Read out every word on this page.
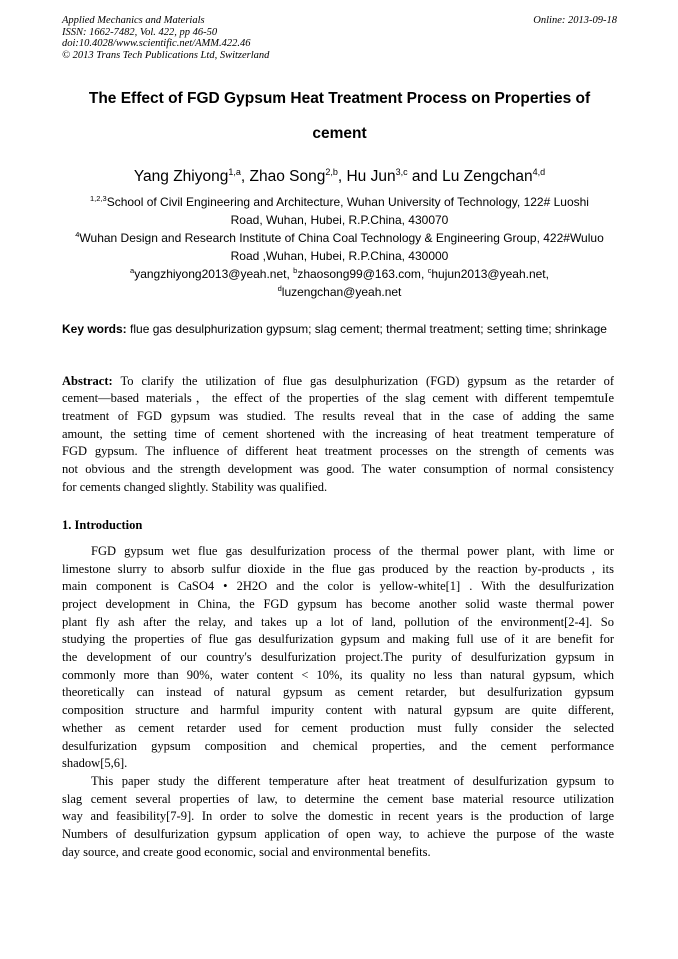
Applied Mechanics and Materials
ISSN: 1662-7482, Vol. 422, pp 46-50
doi:10.4028/www.scientific.net/AMM.422.46
© 2013 Trans Tech Publications Ltd, Switzerland
Online: 2013-09-18
The Effect of FGD Gypsum Heat Treatment Process on Properties of
cement
Yang Zhiyong$^{1,a}$, Zhao Song$^{2,b}$, Hu Jun$^{3,c}$ and Lu Zengchan$^{4,d}$
$^{1,2,3}$School of Civil Engineering and Architecture, Wuhan University of Technology, 122# Luoshi
Road, Wuhan, Hubei, R.P.China, 430070
$^4$Wuhan Design and Research Institute of China Coal Technology & Engineering Group, 422#Wuluo
Road ,Wuhan, Hubei, R.P.China, 430000
$^a$yangzhiyong2013@yeah.net, $^b$zhaosong99@163.com, $^c$hujun2013@yeah.net,
$^d$luzengchan@yeah.net
Key words: flue gas desulphurization gypsum; slag cement; thermal treatment; setting time; shrinkage
Abstract: To clarify the utilization of flue gas desulphurization (FGD) gypsum as the retarder of
cement—based materials，the effect of the properties of the slag cement with different tempemtuIe
treatment of FGD gypsum was studied. The results reveal that in the case of adding the same
amount, the setting time of cement shortened with the increasing of heat treatment temperature of
FGD gypsum. The influence of different heat treatment processes on the strength of cements was
not obvious and the strength development was good. The water consumption of normal consistency
for cements changed slightly. Stability was qualified.
1. Introduction
FGD gypsum wet flue gas desulfurization process of the thermal power plant, with lime or
limestone slurry to absorb sulfur dioxide in the flue gas produced by the reaction by-products , its
main component is CaSO4 • 2H2O and the color is yellow-white[1] . With the desulfurization
project development in China, the FGD gypsum has become another solid waste thermal power
plant fly ash after the relay, and takes up a lot of land, pollution of the environment[2-4]. So
studying the properties of flue gas desulfurization gypsum and making full use of it are benefit for
the development of our country's desulfurization project.The purity of desulfurization gypsum in
commonly more than 90%, water content < 10%, its quality no less than natural gypsum, which
theoretically can instead of natural gypsum as cement retarder, but desulfurization gypsum
composition structure and harmful impurity content with natural gypsum are quite different,
whether as cement retarder used for cement production must fully consider the selected
desulfurization gypsum composition and chemical properties, and the cement performance
shadow[5,6].
This paper study the different temperature after heat treatment of desulfurization gypsum to
slag cement several properties of law, to determine the cement base material resource utilization
way and feasibility[7-9]. In order to solve the domestic in recent years is the production of large
Numbers of desulfurization gypsum application of open way, to achieve the purpose of the waste
day source, and create good economic, social and environmental benefits.
